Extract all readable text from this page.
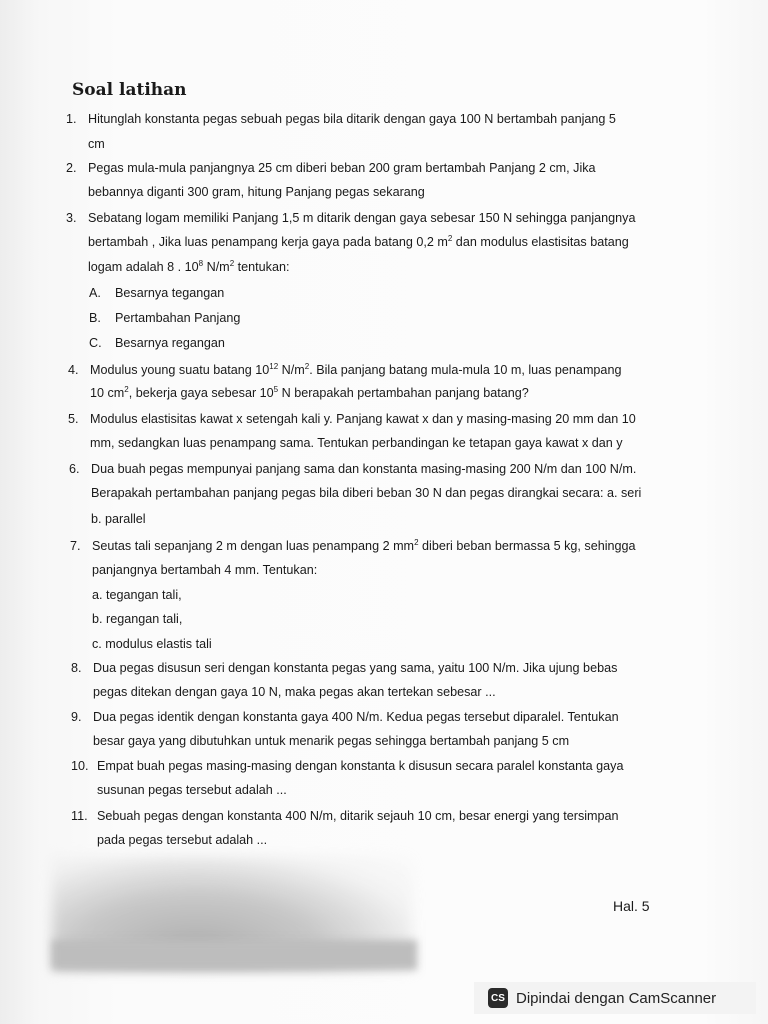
Soal latihan
1. Hitunglah konstanta pegas sebuah pegas bila ditarik dengan gaya 100 N bertambah panjang 5
cm
2. Pegas mula-mula panjangnya 25 cm diberi beban 200 gram bertambah Panjang 2 cm, Jika
bebannya diganti 300 gram, hitung Panjang pegas sekarang
3. Sebatang logam memiliki Panjang 1,5 m ditarik dengan gaya sebesar 150 N sehingga panjangnya
bertambah , Jika luas penampang kerja gaya pada batang 0,2 $m^2$ dan modulus elastisitas batang
logam adalah 8 . $10^8$ $N/m^2$ tentukan:
A. Besarnya tegangan
B. Pertambahan Panjang
C. Besarnya regangan
4. Modulus young suatu batang $10^{12}$ $N/m^2$. Bila panjang batang mula-mula 10 m, luas penampang
10 $cm^2$, bekerja gaya sebesar $10^5$ N berapakah pertambahan panjang batang?
5. Modulus elastisitas kawat x setengah kali y. Panjang kawat x dan y masing-masing 20 mm dan 10
mm, sedangkan luas penampang sama. Tentukan perbandingan ke tetapan gaya kawat x dan y
6. Dua buah pegas mempunyai panjang sama dan konstanta masing-masing 200 N/m dan 100 N/m.
Berapakah pertambahan panjang pegas bila diberi beban 30 N dan pegas dirangkai secara: a. seri
b. parallel
7. Seutas tali sepanjang 2 m dengan luas penampang 2 $mm^2$ diberi beban bermassa 5 kg, sehingga
panjangnya bertambah 4 mm. Tentukan:
a. tegangan tali,
b. regangan tali,
c. modulus elastis tali
8. Dua pegas disusun seri dengan konstanta pegas yang sama, yaitu 100 N/m. Jika ujung bebas
pegas ditekan dengan gaya 10 N, maka pegas akan tertekan sebesar ...
9. Dua pegas identik dengan konstanta gaya 400 N/m. Kedua pegas tersebut diparalel. Tentukan
besar gaya yang dibutuhkan untuk menarik pegas sehingga bertambah panjang 5 cm
10. Empat buah pegas masing-masing dengan konstanta k disusun secara paralel konstanta gaya
susunan pegas tersebut adalah ...
11. Sebuah pegas dengan konstanta 400 N/m, ditarik sejauh 10 cm, besar energi yang tersimpan
pada pegas tersebut adalah ...
Hal. 5
CS Dipindai dengan CamScanner
